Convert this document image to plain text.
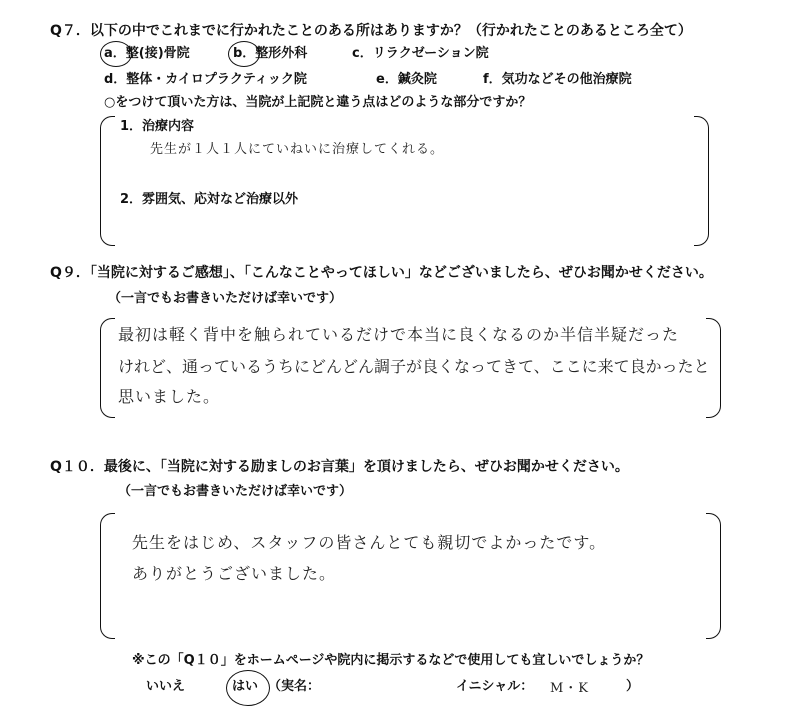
Q７．以下の中でこれまでに行かれたことのある所はありますか？（行かれたことのあるところ全て）
a．整(接)骨院	b．整形外科	c．リラクゼーション院
d．整体・カイロプラクティック院	e．鍼灸院	f．気功などその他治療院
○をつけて頂いた方は、当院が上記院と違う点はどのような部分ですか？
1．治療内容
先生が１人１人にていねいに治療してくれる。
2．雰囲気、応対など治療以外
Q９．「当院に対するご感想」、「こんなことやってほしい」などございましたら、ぜひお聞かせください。
（一言でもお書きいただけば幸いです）
最初は軽く背中を触られているだけで本当に良くなるのか半信半疑だった
けれど、通っているうちにどんどん調子が良くなってきて、ここに来て良かったと
思いました。
Q１０．最後に、「当院に対する励ましのお言葉」を頂けましたら、ぜひお聞かせください。
（一言でもお書きいただけば幸いです）
先生をはじめ、スタッフの皆さんとても親切でよかったです。
ありがとうございました。
※この「Q１０」をホームページや院内に掲示するなどで使用しても宜しいでしょうか？
いいえ	はい （実名：	イニシャル： M・K	）
